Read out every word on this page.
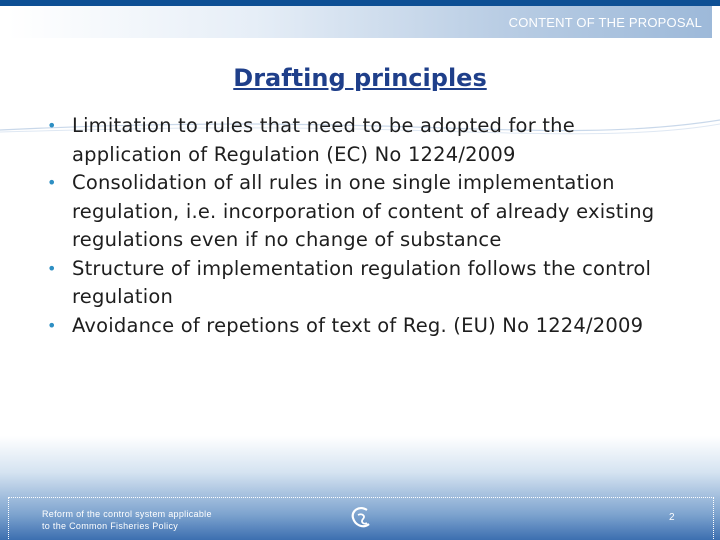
CONTENT OF THE PROPOSAL
Drafting principles
• Limitation to rules that need to be adopted for the application of Regulation (EC) No 1224/2009
• Consolidation of all rules in one single implementation regulation, i.e. incorporation of content of already existing regulations even if no change of substance
• Structure of implementation regulation follows the control regulation
• Avoidance of repetions of text of Reg. (EU) No 1224/2009
Reform of the control system applicable
to the Common Fisheries Policy
2
